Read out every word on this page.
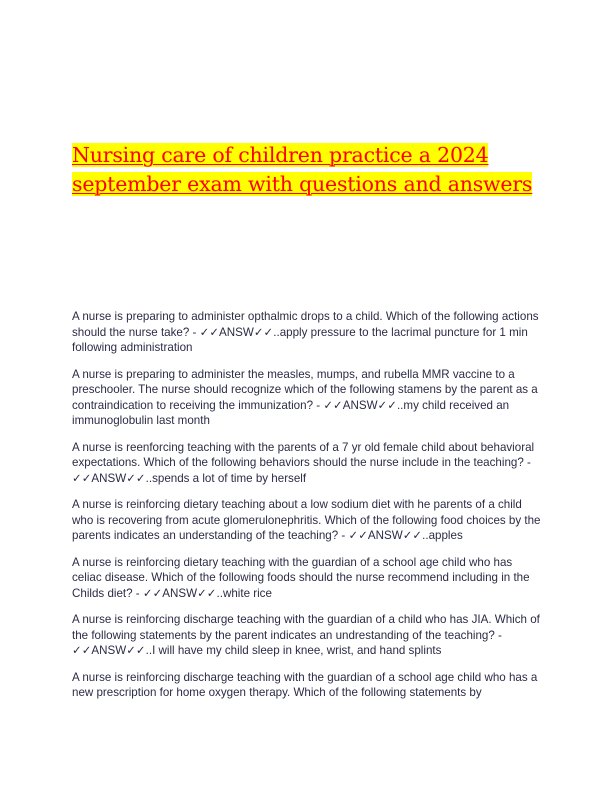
Nursing care of children practice a 2024
september exam with questions and answers

A nurse is preparing to administer opthalmic drops to a child. Which of the following actions should the nurse take? - ✓✓ANSW✓✓..apply pressure to the lacrimal puncture for 1 min following administration

A nurse is preparing to administer the measles, mumps, and rubella MMR vaccine to a preschooler. The nurse should recognize which of the following stamens by the parent as a contraindication to receiving the immunization? - ✓✓ANSW✓✓..my child received an immunoglobulin last month

A nurse is reenforcing teaching with the parents of a 7 yr old female child about behavioral expectations. Which of the following behaviors should the nurse include in the teaching? - ✓✓ANSW✓✓..spends a lot of time by herself

A nurse is reinforcing dietary teaching about a low sodium diet with he parents of a child who is recovering from acute glomerulonephritis. Which of the following food choices by the parents indicates an understanding of the teaching? - ✓✓ANSW✓✓..apples

A nurse is reinforcing dietary teaching with the guardian of a school age child who has celiac disease. Which of the following foods should the nurse recommend including in the Childs diet? - ✓✓ANSW✓✓..white rice

A nurse is reinforcing discharge teaching with the guardian of a child who has JIA. Which of the following statements by the parent indicates an undrestanding of the teaching? - ✓✓ANSW✓✓..I will have my child sleep in knee, wrist, and hand splints

A nurse is reinforcing discharge teaching with the guardian of a school age child who has a new prescription for home oxygen therapy. Which of the following statements by
